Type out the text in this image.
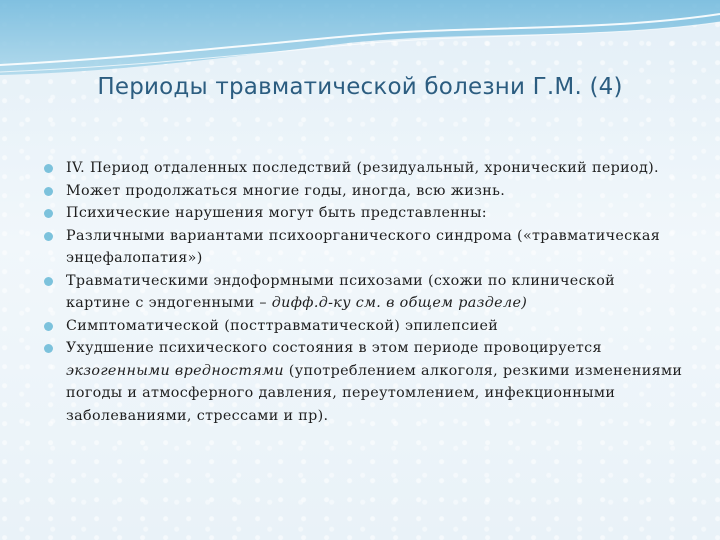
Периоды травматической болезни Г.М. (4)
IV. Период отдаленных последствий (резидуальный, хронический период).
Может продолжаться многие годы, иногда, всю жизнь.
Психические нарушения могут быть представленны:
Различными вариантами психоорганического синдрома («травматическая энцефалопатия»)
Травматическими эндоформными психозами (схожи по клинической картине с эндогенными – дифф.д-ку см. в общем разделе)
Симптоматической (посттравматической) эпилепсией
Ухудшение психического состояния в этом периоде провоцируется экзогенными вредностями (употреблением алкоголя, резкими изменениями погоды и атмосферного давления, переутомлением, инфекционными заболеваниями, стрессами и пр).
